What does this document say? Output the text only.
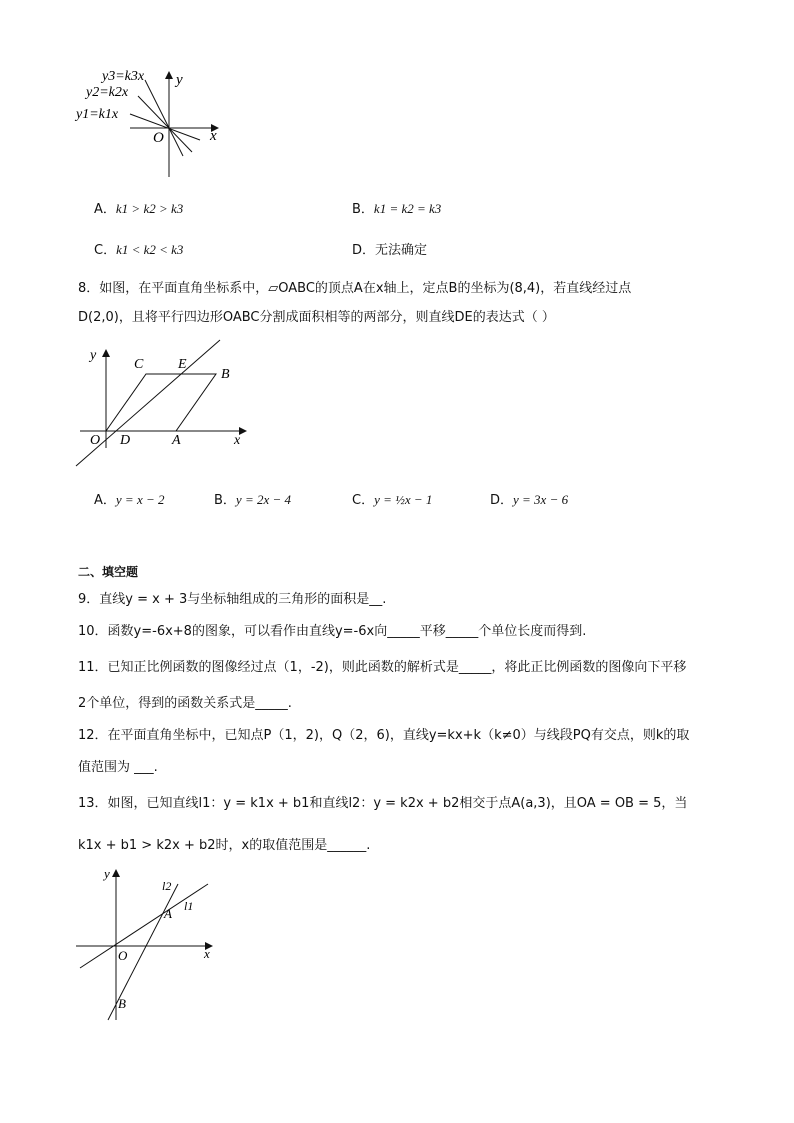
y3=k3x
y2=k2x
y1=k1x
y
O	x
A．k1 > k2 > k3	B．k1 = k2 = k3
C．k1 < k2 < k3	D．无法确定
8．如图，在平面直角坐标系中，▱OABC的顶点A在x轴上，定点B的坐标为(8,4)，若直线经过点
D(2,0)，且将平行四边形OABC分割成面积相等的两部分，则直线DE的表达式（ ）
y
C E
B
O D	A	x
A．y = x − 2	B．y = 2x − 4	C．y = ½x − 1	D．y = 3x − 6
二、填空题
9．直线y = x + 3与坐标轴组成的三角形的面积是__.
10．函数y=-6x+8的图象，可以看作由直线y=-6x向_____平移_____个单位长度而得到.
11．已知正比例函数的图像经过点（1，-2)，则此函数的解析式是_____，将此正比例函数的图像向下平移
2个单位，得到的函数关系式是_____.
12．在平面直角坐标中，已知点P（1，2)，Q（2，6)，直线y=kx+k（k≠0）与线段PQ有交点，则k的取
值范围为 ___.
13．如图，已知直线l1：y = k1x + b1和直线l2：y = k2x + b2相交于点A(a,3)，且OA = OB = 5，当
k1x + b1 > k2x + b2时，x的取值范围是______.
y
l2
l1
A
O	x
B
